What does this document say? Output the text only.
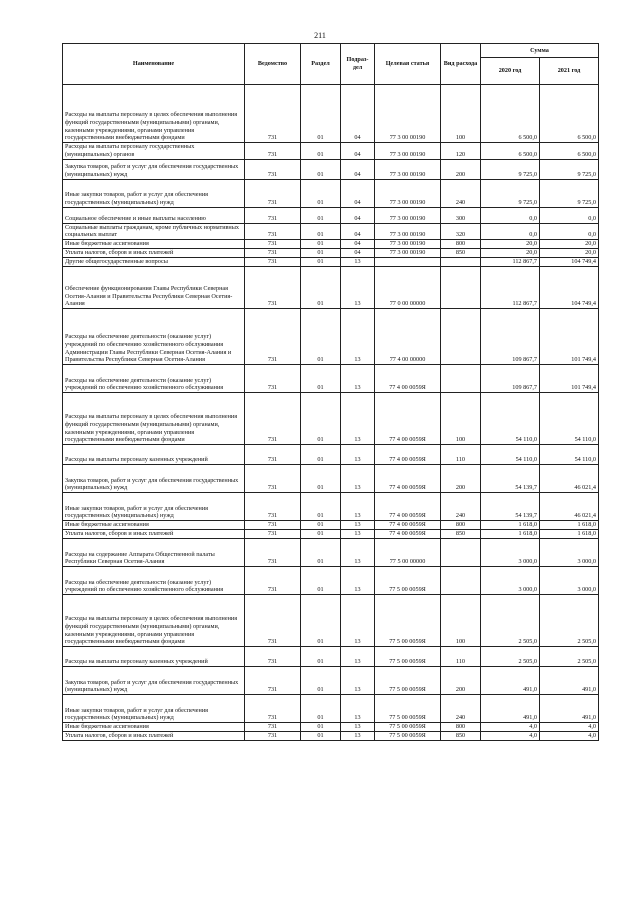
211
Наименование	Ведомство	Раздел	Подраз- дел	Целевая статья	Вид расхода	Сумма	
						2020 год	2021 год
Расходы на выплаты персоналу в целях обеспечения выполнения функций государственными (муниципальными) органами, казенными учреждениями, органами управления государственными внебюджетными фондами	731	01	04	77 3 00 00190	100	6 500,0	6 500,0
Расходы на выплаты персоналу государственных (муниципальных) органов	731	01	04	77 3 00 00190	120	6 500,0	6 500,0
Закупка товаров, работ и услуг для обеспечения государственных (муниципальных) нужд	731	01	04	77 3 00 00190	200	9 725,0	9 725,0
Иные закупки товаров, работ и услуг для обеспечения государственных (муниципальных) нужд	731	01	04	77 3 00 00190	240	9 725,0	9 725,0
Социальное обеспечение и иные выплаты населению	731	01	04	77 3 00 00190	300	0,0	0,0
Социальные выплаты гражданам, кроме публичных нормативных социальных выплат	731	01	04	77 3 00 00190	320	0,0	0,0
Иные бюджетные ассигнования	731	01	04	77 3 00 00190	800	20,0	20,0
Уплата налогов, сборов и иных платежей	731	01	04	77 3 00 00190	850	20,0	20,0
Другие общегосударственные вопросы	731	01	13			112 867,7	104 749,4
Обеспечение функционирования Главы Республики Северная Осетия-Алания и Правительства Республики Северная Осетия-Алания	731	01	13	77 0 00 00000		112 867,7	104 749,4
Расходы на обеспечение деятельности (оказание услуг) учреждений по обеспечению хозяйственного обслуживания Администрации Главы Республики Северная Осетия-Алания и Правительства Республики Северная Осетия-Алания	731	01	13	77 4 00 00000		109 867,7	101 749,4
Расходы на обеспечение деятельности (оказание услуг) учреждений по обеспечению хозяйственного обслуживания	731	01	13	77 4 00 0059Я		109 867,7	101 749,4
Расходы на выплаты персоналу в целях обеспечения выполнения функций государственными (муниципальными) органами, казенными учреждениями, органами управления государственными внебюджетными фондами	731	01	13	77 4 00 0059Я	100	54 110,0	54 110,0
Расходы на выплаты персоналу казенных учреждений	731	01	13	77 4 00 0059Я	110	54 110,0	54 110,0
Закупка товаров, работ и услуг для обеспечения государственных (муниципальных) нужд	731	01	13	77 4 00 0059Я	200	54 139,7	46 021,4
Иные закупки товаров, работ и услуг для обеспечения государственных (муниципальных) нужд	731	01	13	77 4 00 0059Я	240	54 139,7	46 021,4
Иные бюджетные ассигнования	731	01	13	77 4 00 0059Я	800	1 618,0	1 618,0
Уплата налогов, сборов и иных платежей	731	01	13	77 4 00 0059Я	850	1 618,0	1 618,0
Расходы на содержание Аппарата Общественной палаты Республики Северная Осетия-Алания	731	01	13	77 5 00 00000		3 000,0	3 000,0
Расходы на обеспечение деятельности (оказание услуг) учреждений по обеспечению хозяйственного обслуживания	731	01	13	77 5 00 0059Я		3 000,0	3 000,0
Расходы на выплаты персоналу в целях обеспечения выполнения функций государственными (муниципальными) органами, казенными учреждениями, органами управления государственными внебюджетными фондами	731	01	13	77 5 00 0059Я	100	2 505,0	2 505,0
Расходы на выплаты персоналу казенных учреждений	731	01	13	77 5 00 0059Я	110	2 505,0	2 505,0
Закупка товаров, работ и услуг для обеспечения государственных (муниципальных) нужд	731	01	13	77 5 00 0059Я	200	491,0	491,0
Иные закупки товаров, работ и услуг для обеспечения государственных (муниципальных) нужд	731	01	13	77 5 00 0059Я	240	491,0	491,0
Иные бюджетные ассигнования	731	01	13	77 5 00 0059Я	800	4,0	4,0
Уплата налогов, сборов и иных платежей	731	01	13	77 5 00 0059Я	850	4,0	4,0
